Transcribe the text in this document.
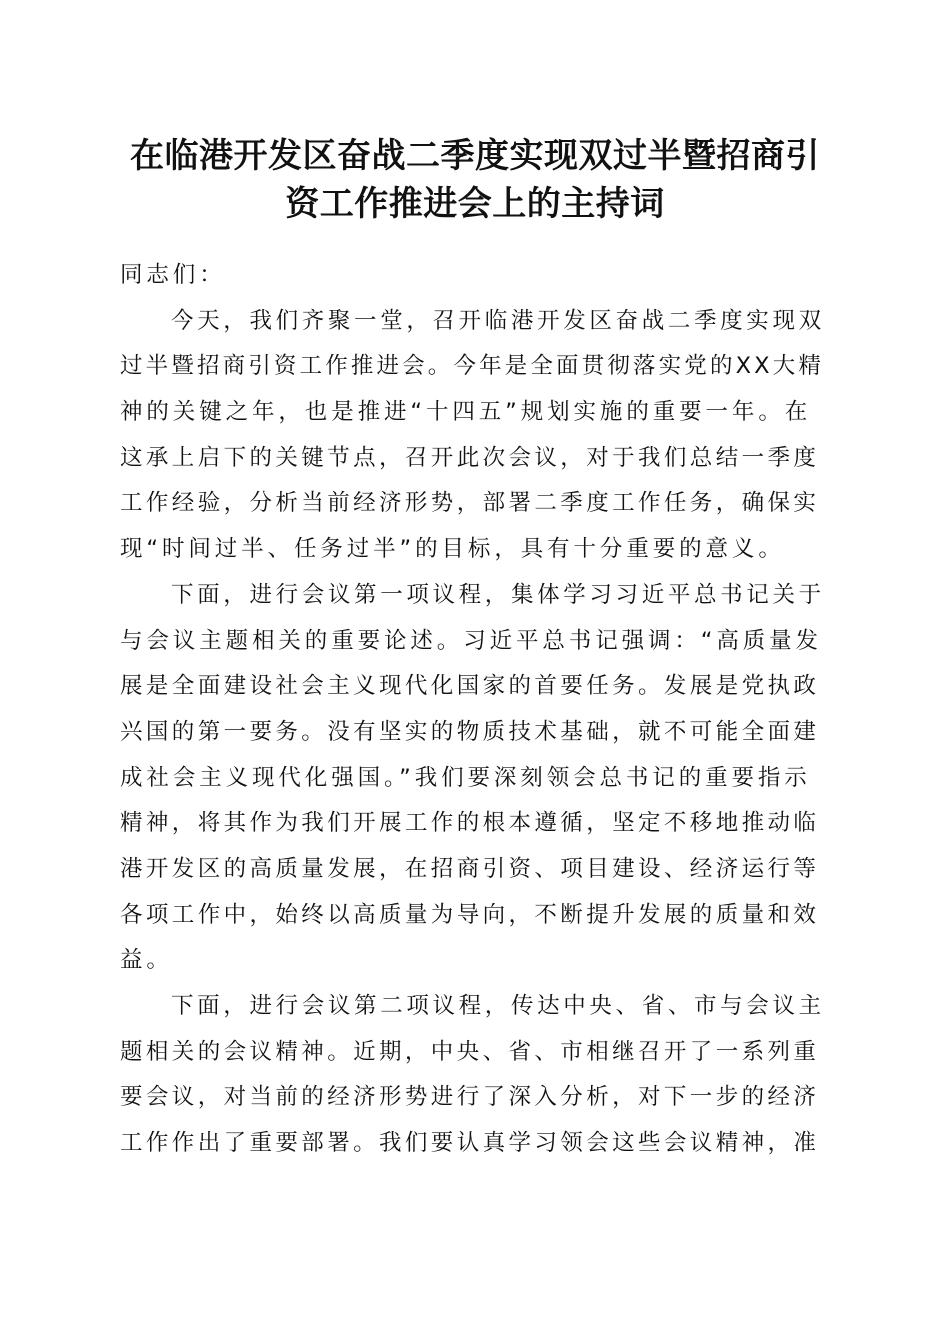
在临港开发区奋战二季度实现双过半暨招商引
资工作推进会上的主持词
同志们：
今天，我们齐聚一堂，召开临港开发区奋战二季度实现双
过半暨招商引资工作推进会。今年是全面贯彻落实党的XX大精
神的关键之年，也是推进“十四五”规划实施的重要一年。在
这承上启下的关键节点，召开此次会议，对于我们总结一季度
工作经验，分析当前经济形势，部署二季度工作任务，确保实
现“时间过半、任务过半”的目标，具有十分重要的意义。
下面，进行会议第一项议程，集体学习习近平总书记关于
与会议主题相关的重要论述。习近平总书记强调：“高质量发
展是全面建设社会主义现代化国家的首要任务。发展是党执政
兴国的第一要务。没有坚实的物质技术基础，就不可能全面建
成社会主义现代化强国。”我们要深刻领会总书记的重要指示
精神，将其作为我们开展工作的根本遵循，坚定不移地推动临
港开发区的高质量发展，在招商引资、项目建设、经济运行等
各项工作中，始终以高质量为导向，不断提升发展的质量和效
益。
下面，进行会议第二项议程，传达中央、省、市与会议主
题相关的会议精神。近期，中央、省、市相继召开了一系列重
要会议，对当前的经济形势进行了深入分析，对下一步的经济
工作作出了重要部署。我们要认真学习领会这些会议精神，准
